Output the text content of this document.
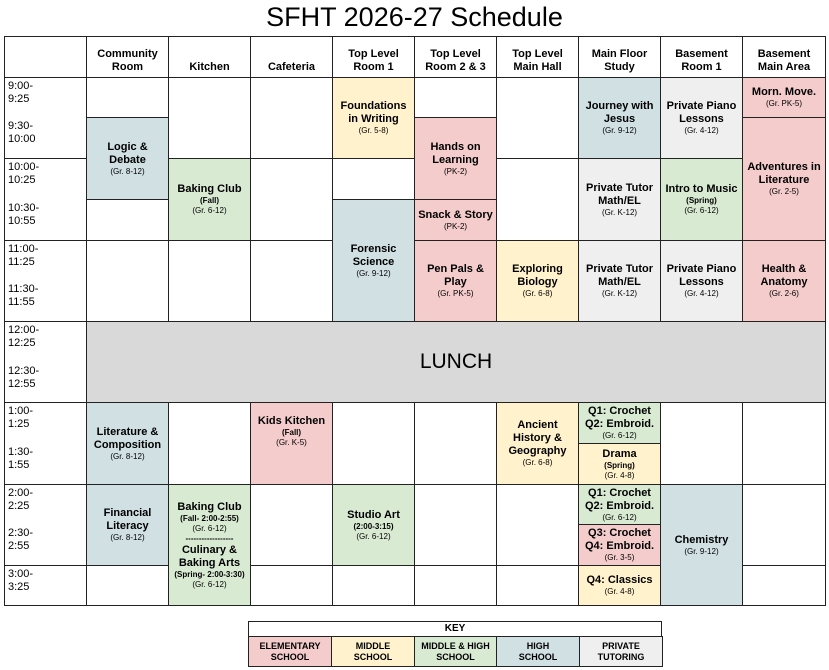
SFHT 2026-27 Schedule
Community
Room	Kitchen	Cafeteria
Top Level
Room 1
Top Level
Room 2 & 3
Top Level
Main Hall
Main Floor
Study
Basement
Room 1
Basement
Main Area
9:00-
9:25
9:30-
10:00
10:00-
10:25
10:30-
10:55
11:00-
11:25
11:30-
11:55
12:00-
12:25
12:30-
12:55
1:00-
1:25
1:30-
1:55
2:00-
2:25
2:30-
2:55
3:00-
3:25
LUNCH
Logic &
Debate
(Gr. 8-12)
Literature &
Composition
(Gr. 8-12)
Financial
Literacy
(Gr. 8-12)
Baking Club
(Fall)
(Gr. 6-12)
Baking Club
(Fall- 2:00-2:55)
(Gr. 6-12)
------------------
Culinary &
Baking Arts
(Spring- 2:00-3:30)
(Gr. 6-12)
Kids Kitchen
(Fall)
(Gr. K-5)
Foundations
in Writing
(Gr. 5-8)
Forensic
Science
(Gr. 9-12)
Studio Art
(2:00-3:15)
(Gr. 6-12)
Hands on
Learning
(PK-2)
Snack & Story
(PK-2)
Pen Pals &
Play
(Gr. PK-5)
Exploring
Biology
(Gr. 6-8)
Ancient
History &
Geography
(Gr. 6-8)
Journey with
Jesus
(Gr. 9-12)
Private Tutor
Math/EL
(Gr. K-12)
Private Tutor
Math/EL
(Gr. K-12)
Q1: Crochet
Q2: Embroid.
(Gr. 6-12)
Drama
(Spring)
(Gr. 4-8)
Q1: Crochet
Q2: Embroid.
(Gr. 6-12)
Q3: Crochet
Q4: Embroid.
(Gr. 3-5)
Q4: Classics
(Gr. 4-8)
Private Piano
Lessons
(Gr. 4-12)
Intro to Music
(Spring)
(Gr. 6-12)
Private Piano
Lessons
(Gr. 4-12)
Chemistry
(Gr. 9-12)
Morn. Move.
(Gr. PK-5)
Adventures in
Literature
(Gr. 2-5)
Health &
Anatomy
(Gr. 2-6)
KEY
ELEMENTARY
SCHOOL
MIDDLE
SCHOOL
MIDDLE & HIGH
SCHOOL
HIGH
SCHOOL
PRIVATE
TUTORING
